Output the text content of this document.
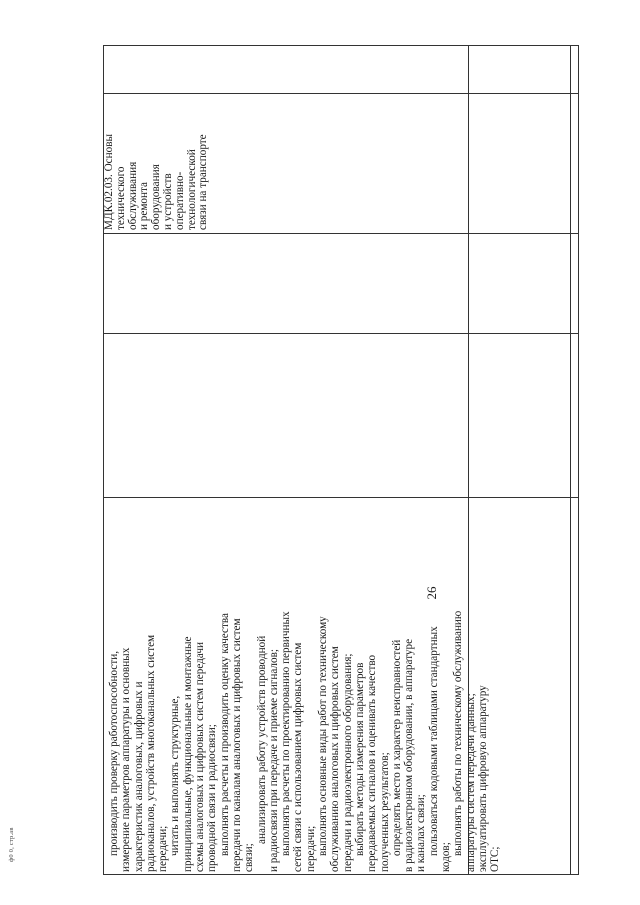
производить проверку работоспособности, измерение параметров аппаратуры и основных характеристик аналоговых, цифровых и радиоканалов, устройств многоканальных систем передачи; читать и выполнять структурные, принципиальные, функциональные и монтажные схемы аналоговых и цифровых систем передачи проводной связи и радиосвязи; выполнять расчеты и производить оценку качества передачи по каналам аналоговых и цифровых систем связи;
анализировать работу устройств проводной и радиосвязи при передаче и приеме сигналов; выполнять расчеты по проектированию первичных сетей связи с использованием цифровых систем передачи; выполнять основные виды работ по техническому обслуживанию аналоговых и цифровых систем передачи и радиоэлектронного оборудования; выбирать методы измерения параметров передаваемых сигналов и оценивать качество полученных результатов; определять место и характер неисправностей в радиоэлектронном оборудовании, в аппаратуре и каналах связи; пользоваться кодовыми таблицами стандартных
кодов;
выполнять работы по техническому обслуживанию аппаратуры систем передачи данных; эксплуатировать цифровую аппаратуру ОТС;
МДК.02.03. Основы технического обслуживания и ремонта оборудования и устройств оперативно- технологической связи на транспорте
26
ф0 0, стр.ав
